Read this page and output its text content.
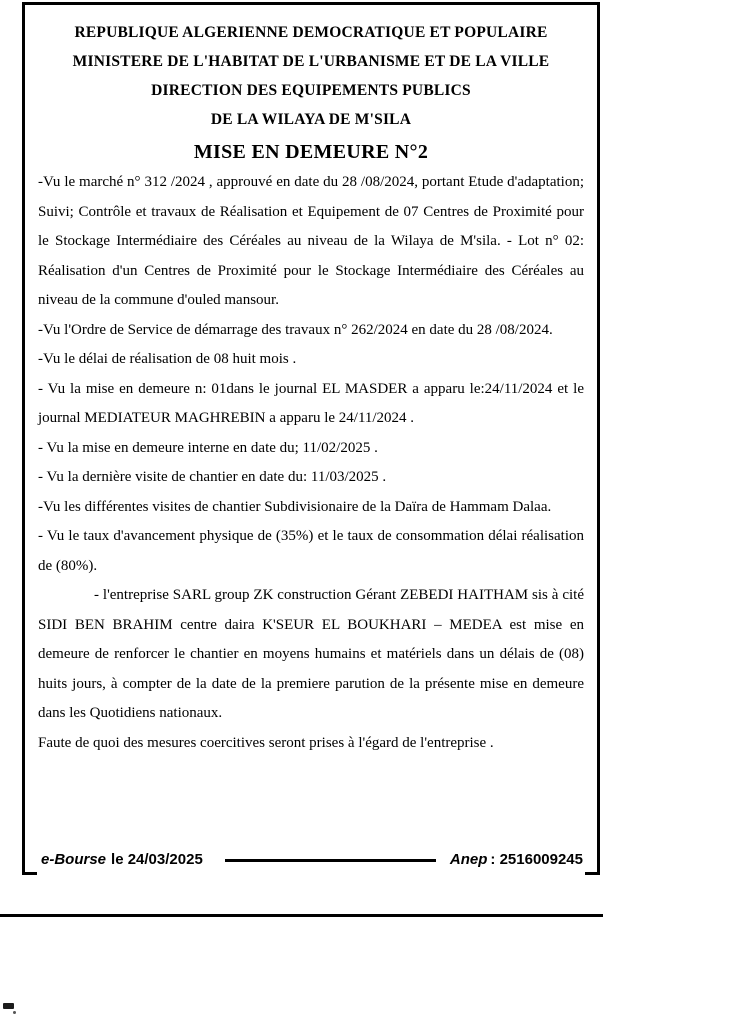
REPUBLIQUE ALGERIENNE DEMOCRATIQUE ET POPULAIRE
MINISTERE DE L'HABITAT DE L'URBANISME ET DE LA VILLE
DIRECTION DES EQUIPEMENTS PUBLICS
DE LA WILAYA DE M'SILA
MISE EN DEMEURE N°2

-Vu le marché n° 312 /2024 , approuvé en date du 28 /08/2024, portant Etude d'adaptation; Suivi; Contrôle et travaux de Réalisation et Equipement de 07 Centres de Proximité pour le Stockage Intermédiaire des Céréales au niveau de la Wilaya de M'sila. - Lot n° 02: Réalisation d'un Centres de Proximité pour le Stockage Intermédiaire des Céréales au niveau de la commune d'ouled mansour.

-Vu l'Ordre de Service de démarrage des travaux n° 262/2024 en date du 28 /08/2024.

-Vu le délai de réalisation de 08 huit mois .

- Vu la mise en demeure n: 01dans le journal EL MASDER a apparu le:24/11/2024 et le journal MEDIATEUR MAGHREBIN a apparu le 24/11/2024 .

- Vu la mise en demeure interne en date du; 11/02/2025 .

- Vu la dernière visite de chantier en date du: 11/03/2025 .

-Vu les différentes visites de chantier Subdivisionaire de la Daïra de Hammam Dalaa.

- Vu le taux d'avancement physique de (35%) et le taux de consommation délai réalisation de (80%).

- l'entreprise SARL group ZK construction Gérant ZEBEDI HAITHAM sis à cité SIDI BEN BRAHIM centre daira K'SEUR EL BOUKHARI – MEDEA est mise en demeure de renforcer le chantier en moyens humains et matériels dans un délais de (08) huits jours, à compter de la date de la premiere parution de la présente mise en demeure dans les Quotidiens nationaux.

Faute de quoi des mesures coercitives seront prises à l'égard de l'entreprise .

e-Bourse le 24/03/2025	Anep : 2516009245
